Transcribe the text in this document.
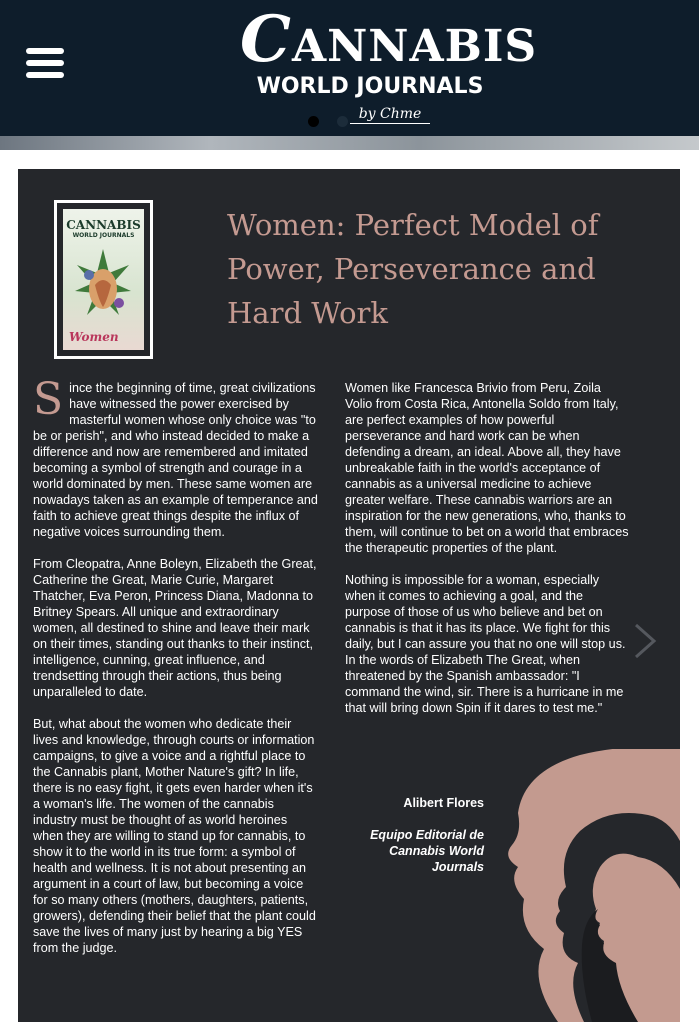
CANNABIS
WORLD JOURNALS
by Chme

CANNABIS
WORLD JOURNALS
Women
Women: Perfect Model of Power, Perseverance and Hard Work

Since the beginning of time, great civilizations have witnessed the power exercised by masterful women whose only choice was "to be or perish", and who instead decided to make a difference and now are remembered and imitated becoming a symbol of strength and courage in a world dominated by men. These same women are nowadays taken as an example of temperance and faith to achieve great things despite the influx of negative voices surrounding them.

From Cleopatra, Anne Boleyn, Elizabeth the Great, Catherine the Great, Marie Curie, Margaret Thatcher, Eva Peron, Princess Diana, Madonna to Britney Spears. All unique and extraordinary women, all destined to shine and leave their mark on their times, standing out thanks to their instinct, intelligence, cunning, great influence, and trendsetting through their actions, thus being unparalleled to date.

But, what about the women who dedicate their lives and knowledge, through courts or information campaigns, to give a voice and a rightful place to the Cannabis plant, Mother Nature's gift? In life, there is no easy fight, it gets even harder when it's a woman's life. The women of the cannabis industry must be thought of as world heroines when they are willing to stand up for cannabis, to show it to the world in its true form: a symbol of health and wellness. It is not about presenting an argument in a court of law, but becoming a voice for so many others (mothers, daughters, patients, growers), defending their belief that the plant could save the lives of many just by hearing a big YES from the judge.

Women like Francesca Brivio from Peru, Zoila Volio from Costa Rica, Antonella Soldo from Italy, are perfect examples of how powerful perseverance and hard work can be when defending a dream, an ideal. Above all, they have unbreakable faith in the world's acceptance of cannabis as a universal medicine to achieve greater welfare. These cannabis warriors are an inspiration for the new generations, who, thanks to them, will continue to bet on a world that embraces the therapeutic properties of the plant.

Nothing is impossible for a woman, especially when it comes to achieving a goal, and the purpose of those of us who believe and bet on cannabis is that it has its place. We fight for this daily, but I can assure you that no one will stop us. In the words of Elizabeth The Great, when threatened by the Spanish ambassador: "I command the wind, sir. There is a hurricane in me that will bring down Spin if it dares to test me."

Alibert Flores
Equipo Editorial de
Cannabis World
Journals
